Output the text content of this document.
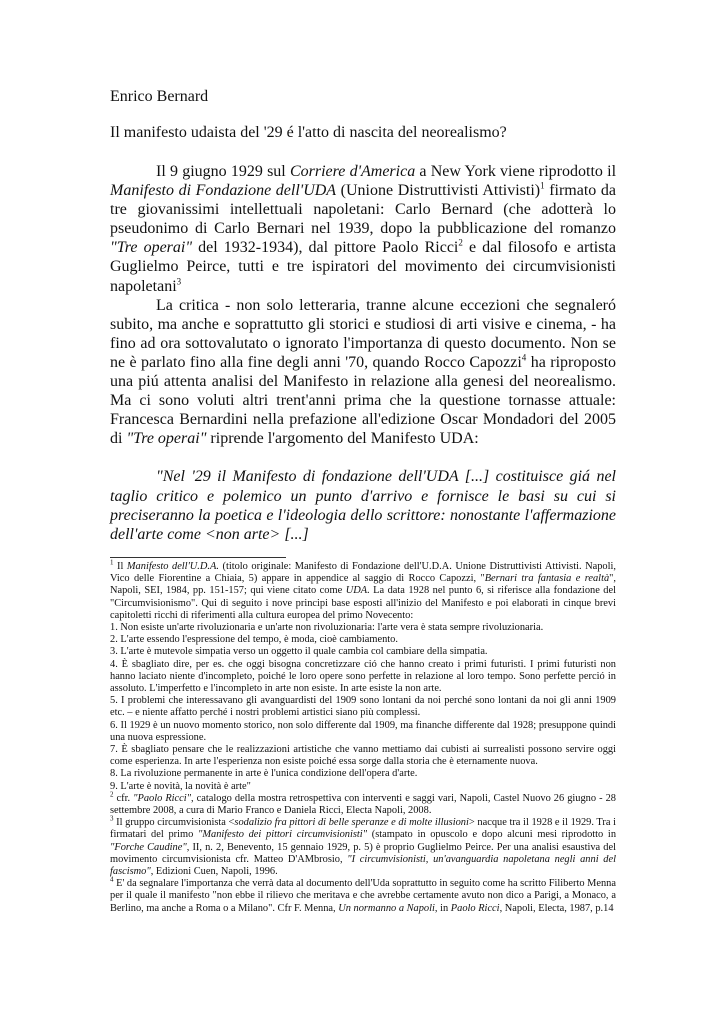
Enrico Bernard
Il manifesto udaista del '29 é l'atto di nascita del neorealismo?

Il 9 giugno 1929 sul Corriere d'America a New York viene riprodotto il Manifesto di Fondazione dell'UDA (Unione Distruttivisti Attivisti)$^1$ firmato da tre giovanissimi intellettuali napoletani: Carlo Bernard (che adotterà lo pseudonimo di Carlo Bernari nel 1939, dopo la pubblicazione del romanzo "Tre operai" del 1932-1934), dal pittore Paolo Ricci$^2$ e dal filosofo e artista Guglielmo Peirce, tutti e tre ispiratori del movimento dei circumvisionisti napoletani$^3$

La critica - non solo letteraria, tranne alcune eccezioni che segnaleró subito, ma anche e soprattutto gli storici e studiosi di arti visive e cinema, - ha fino ad ora sottovalutato o ignorato l'importanza di questo documento. Non se ne è parlato fino alla fine degli anni '70, quando Rocco Capozzi$^4$ ha riproposto una piú attenta analisi del Manifesto in relazione alla genesi del neorealismo. Ma ci sono voluti altri trent'anni prima che la questione tornasse attuale: Francesca Bernardini nella prefazione all'edizione Oscar Mondadori del 2005 di "Tre operai" riprende l'argomento del Manifesto UDA:

"Nel '29 il Manifesto di fondazione dell'UDA [...] costituisce giá nel taglio critico e polemico un punto d'arrivo e fornisce le basi su cui si preciseranno la poetica e l'ideologia dello scrittore: nonostante l'affermazione dell'arte come <non arte> [...]

$^1$ Il Manifesto dell'U.D.A. (titolo originale: Manifesto di Fondazione dell'U.D.A. Unione Distruttivisti Attivisti. Napoli, Vico delle Fiorentine a Chiaia, 5) appare in appendice al saggio di Rocco Capozzi, "Bernari tra fantasia e realtà", Napoli, SEI, 1984, pp. 151-157; qui viene citato come UDA. La data 1928 nel punto 6, si riferisce alla fondazione del "Circumvisionismo". Qui di seguito i nove principi base esposti all'inizio del Manifesto e poi elaborati in cinque brevi capitoletti ricchi di riferimenti alla cultura europea del primo Novecento:

1. Non esiste un'arte rivoluzionaria e un'arte non rivoluzionaria: l'arte vera è stata sempre rivoluzionaria.

2. L'arte essendo l'espressione del tempo, è moda, cioè cambiamento.

3. L'arte è mutevole simpatia verso un oggetto il quale cambia col cambiare della simpatia.

4. È sbagliato dire, per es. che oggi bisogna concretizzare ció che hanno creato i primi futuristi. I primi futuristi non hanno laciato niente d'incompleto, poiché le loro opere sono perfette in relazione al loro tempo. Sono perfette perció in assoluto. L'imperfetto e l'incompleto in arte non esiste. In arte esiste la non arte.

5. I problemi che interessavano gli avanguardisti del 1909 sono lontani da noi perché sono lontani da noi gli anni 1909 etc. – e niente affatto perché i nostri problemi artistici siano più complessi.

6. Il 1929 è un nuovo momento storico, non solo differente dal 1909, ma finanche differente dal 1928; presuppone quindi una nuova espressione.

7. È sbagliato pensare che le realizzazioni artistiche che vanno mettiamo dai cubisti ai surrealisti possono servire oggi come esperienza. In arte l'esperienza non esiste poiché essa sorge dalla storia che è eternamente nuova.

8. La rivoluzione permanente in arte è l'unica condizione dell'opera d'arte.

9. L'arte è novità, la novità è arte"

$^2$ cfr. "Paolo Ricci", catalogo della mostra retrospettiva con interventi e saggi vari, Napoli, Castel Nuovo 26 giugno - 28 settembre 2008, a cura di Mario Franco e Daniela Ricci, Electa Napoli, 2008.

$^3$ Il gruppo circumvisionista <sodalizio fra pittori di belle speranze e di molte illusioni> nacque tra il 1928 e il 1929. Tra i firmatari del primo "Manifesto dei pittori circumvisionisti" (stampato in opuscolo e dopo alcuni mesi riprodotto in "Forche Caudine", II, n. 2, Benevento, 15 gennaio 1929, p. 5) è proprio Guglielmo Peirce. Per una analisi esaustiva del movimento circumvisionista cfr. Matteo D'AMbrosio, "I circumvisionisti, un'avanguardia napoletana negli anni del fascismo", Edizioni Cuen, Napoli, 1996.

$^4$ E' da segnalare l'importanza che verrà data al documento dell'Uda soprattutto in seguito come ha scritto Filiberto Menna per il quale il manifesto "non ebbe il rilievo che meritava e che avrebbe certamente avuto non dico a Parigi, a Monaco, a Berlino, ma anche a Roma o a Milano". Cfr F. Menna, Un normanno a Napoli, in Paolo Ricci, Napoli, Electa, 1987, p.14
